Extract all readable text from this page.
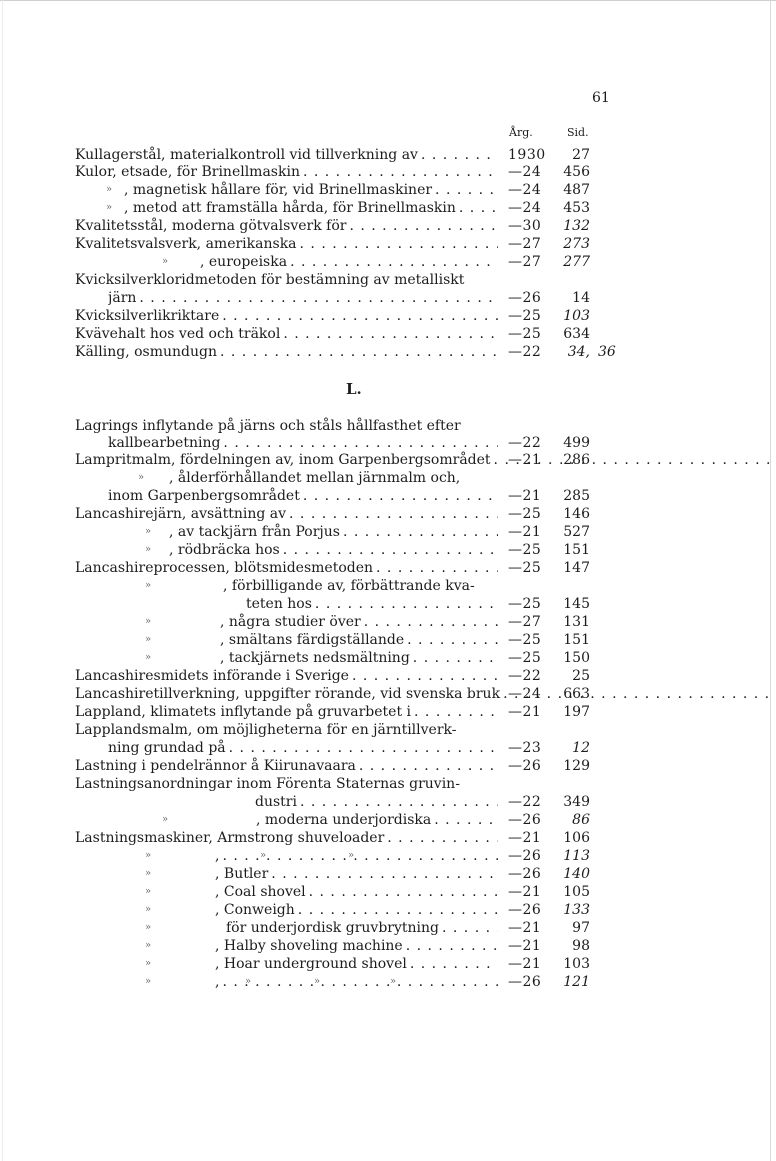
61
Årg.	Sid.
L.
Kullagerstål, materialkontroll vid tillverkning av . . .	1930	27
Kulor, etsade, för Brinellmaskin . . .	—24	456
» , magnetisk hållare för, vid Brinellmaskiner . . .	—24	487
» , metod att framställa hårda, för Brinellmaskin . . .	—24	453
Kvalitetsstål, moderna götvalsverk för . . .	—30	132
Kvalitetsvalsverk, amerikanska . . .	—27	273
» , europeiska . . .	—27	277
Kvicksilverkloridmetoden för bestämning av metalliskt
järn . . .	—26	14
Kvicksilverlikriktare . . .	—25	103
Kvävehalt hos ved och träkol . . .	—25	634
Källing, osmundugn . . .	—22	34, 36
Lagrings inflytande på järns och ståls hållfasthet efter
kallbearbetning . . .	—22	499
Lampritmalm, fördelningen av, inom Garpenbergsområdet . . .	—21	286
» , ålderförhållandet mellan järnmalm och,
inom Garpenbergsområdet . . .	—21	285
Lancashirejärn, avsättning av . . .	—25	146
» , av tackjärn från Porjus . . .	—21	527
» , rödbräcka hos . . .	—25	151
Lancashireprocessen, blötsmidesmetoden . . .	—25	147
»	, förbilligande av, förbättrande kva-
teten hos . . .	—25	145
»	, några studier över . . .	—27	131
»	, smältans färdigställande . . .	—25	151
»	, tackjärnets nedsmältning . . .	—25	150
Lancashiresmidets införande i Sverige . . .	—22	25
Lancashiretillverkning, uppgifter rörande, vid svenska bruk . . . —24	663
Lappland, klimatets inflytande på gruvarbetet i . . .	—21	197
Lapplandsmalm, om möjligheterna för en järntillverk-
ning grundad på . . .	—23	12
Lastning i pendelrännor å Kiirunavaara . . .	—26	129
Lastningsanordningar inom Förenta Staternas gruvin-
dustri . . .	—22	349
»	, moderna underjordiska . . .	—26	86
Lastningsmaskiner, Armstrong shuveloader . . .	—21	106
»	, . . .	»	»	—26	113
»	, Butler . . .	—26	140
»	, Coal shovel . . .	—21	105
»	, Conweigh . . .	—26	133
»	för underjordisk gruvbrytning . . .	—21	97
»	, Halby shoveling machine . . .	—21	98
»	, Hoar underground shovel . . .	—21	103
»	, . . .	»	»	»	—26	121
